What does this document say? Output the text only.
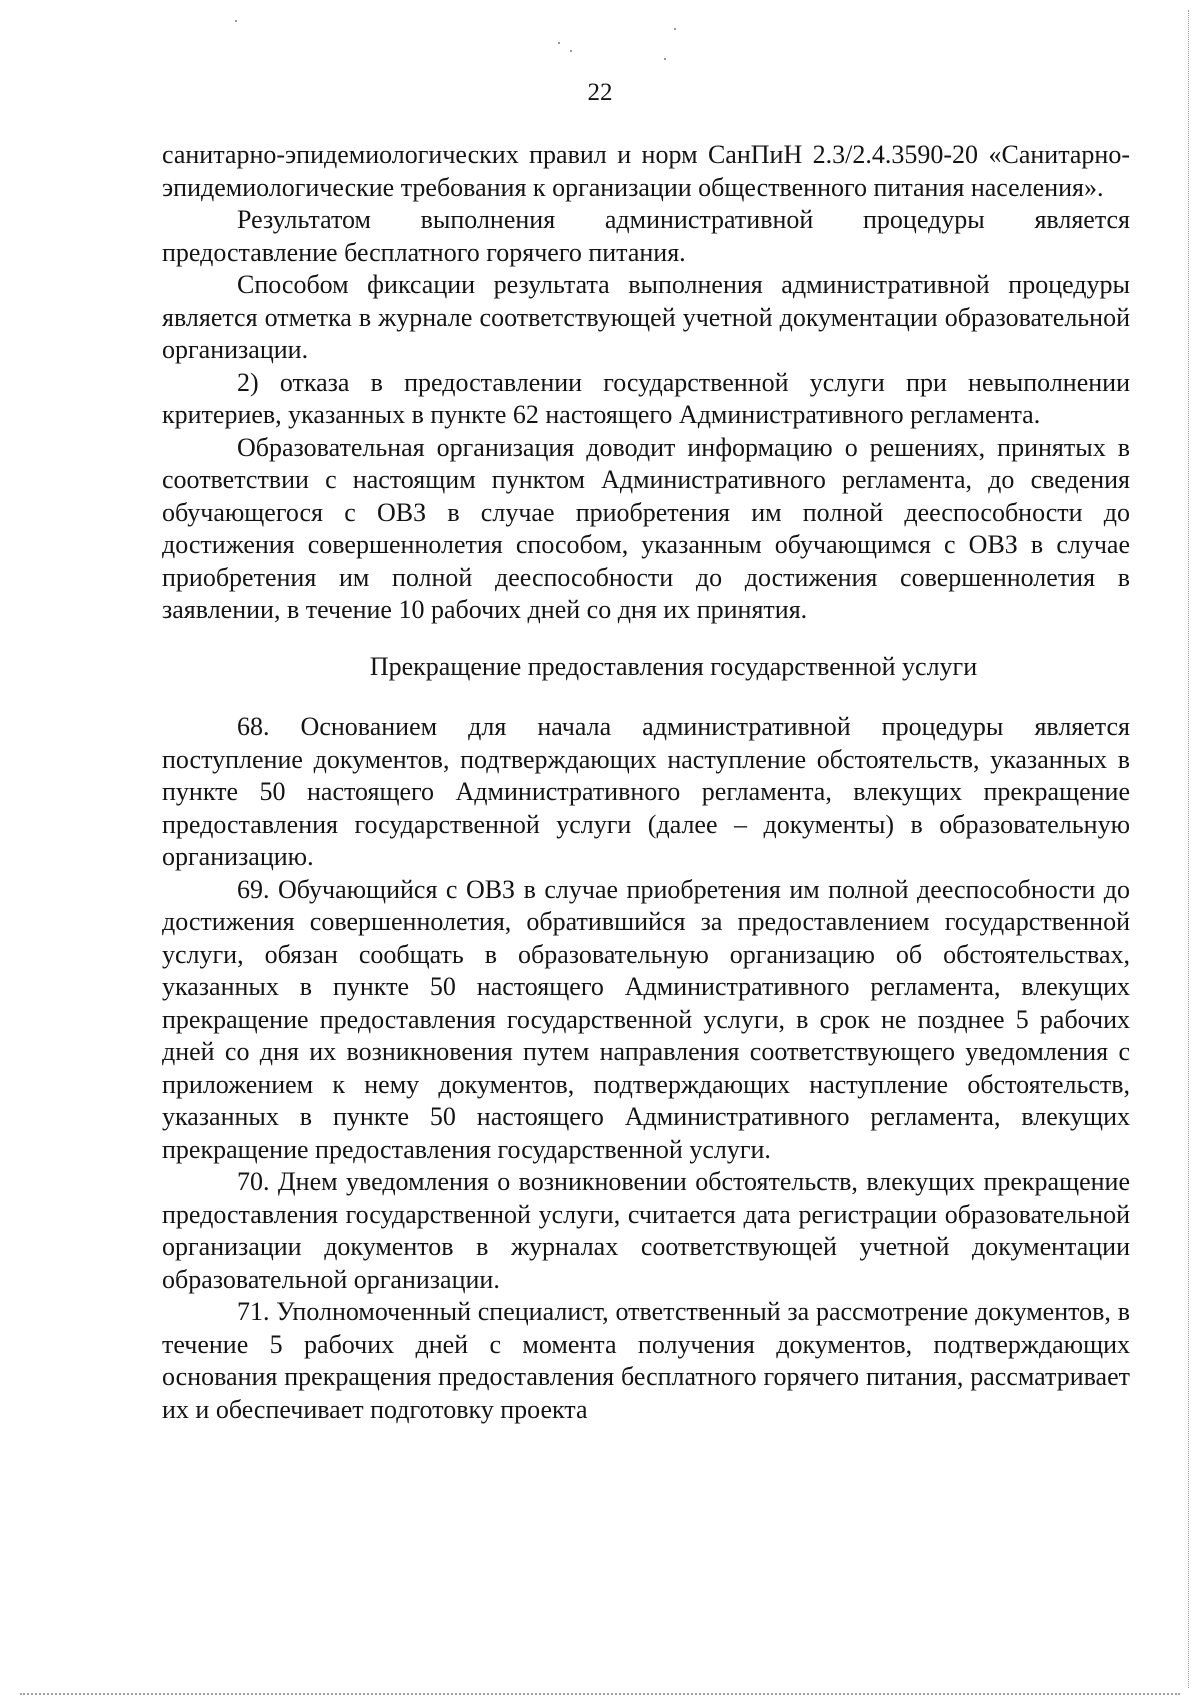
22

санитарно-эпидемиологических правил и норм СанПиН 2.3/2.4.3590-20 «Санитарно-эпидемиологические требования к организации общественного питания населения».

Результатом выполнения административной процедуры является предоставление бесплатного горячего питания.

Способом фиксации результата выполнения административной процедуры является отметка в журнале соответствующей учетной документации образовательной организации.

2) отказа в предоставлении государственной услуги при невыполнении критериев, указанных в пункте 62 настоящего Административного регламента.

Образовательная организация доводит информацию о решениях, принятых в соответствии с настоящим пунктом Административного регламента, до сведения обучающегося с ОВЗ в случае приобретения им полной дееспособности до достижения совершеннолетия способом, указанным обучающимся с ОВЗ в случае приобретения им полной дееспособности до достижения совершеннолетия в заявлении, в течение 10 рабочих дней со дня их принятия.

Прекращение предоставления государственной услуги

68. Основанием для начала административной процедуры является поступление документов, подтверждающих наступление обстоятельств, указанных в пункте 50 настоящего Административного регламента, влекущих прекращение предоставления государственной услуги (далее – документы) в образовательную организацию.

69. Обучающийся с ОВЗ в случае приобретения им полной дееспособности до достижения совершеннолетия, обратившийся за предоставлением государственной услуги, обязан сообщать в образовательную организацию об обстоятельствах, указанных в пункте 50 настоящего Административного регламента, влекущих прекращение предоставления государственной услуги, в срок не позднее 5 рабочих дней со дня их возникновения путем направления соответствующего уведомления с приложением к нему документов, подтверждающих наступление обстоятельств, указанных в пункте 50 настоящего Административного регламента, влекущих прекращение предоставления государственной услуги.

70. Днем уведомления о возникновении обстоятельств, влекущих прекращение предоставления государственной услуги, считается дата регистрации образовательной организации документов в журналах соответствующей учетной документации образовательной организации.

71. Уполномоченный специалист, ответственный за рассмотрение документов, в течение 5 рабочих дней с момента получения документов, подтверждающих основания прекращения предоставления бесплатного горячего питания, рассматривает их и обеспечивает подготовку проекта
